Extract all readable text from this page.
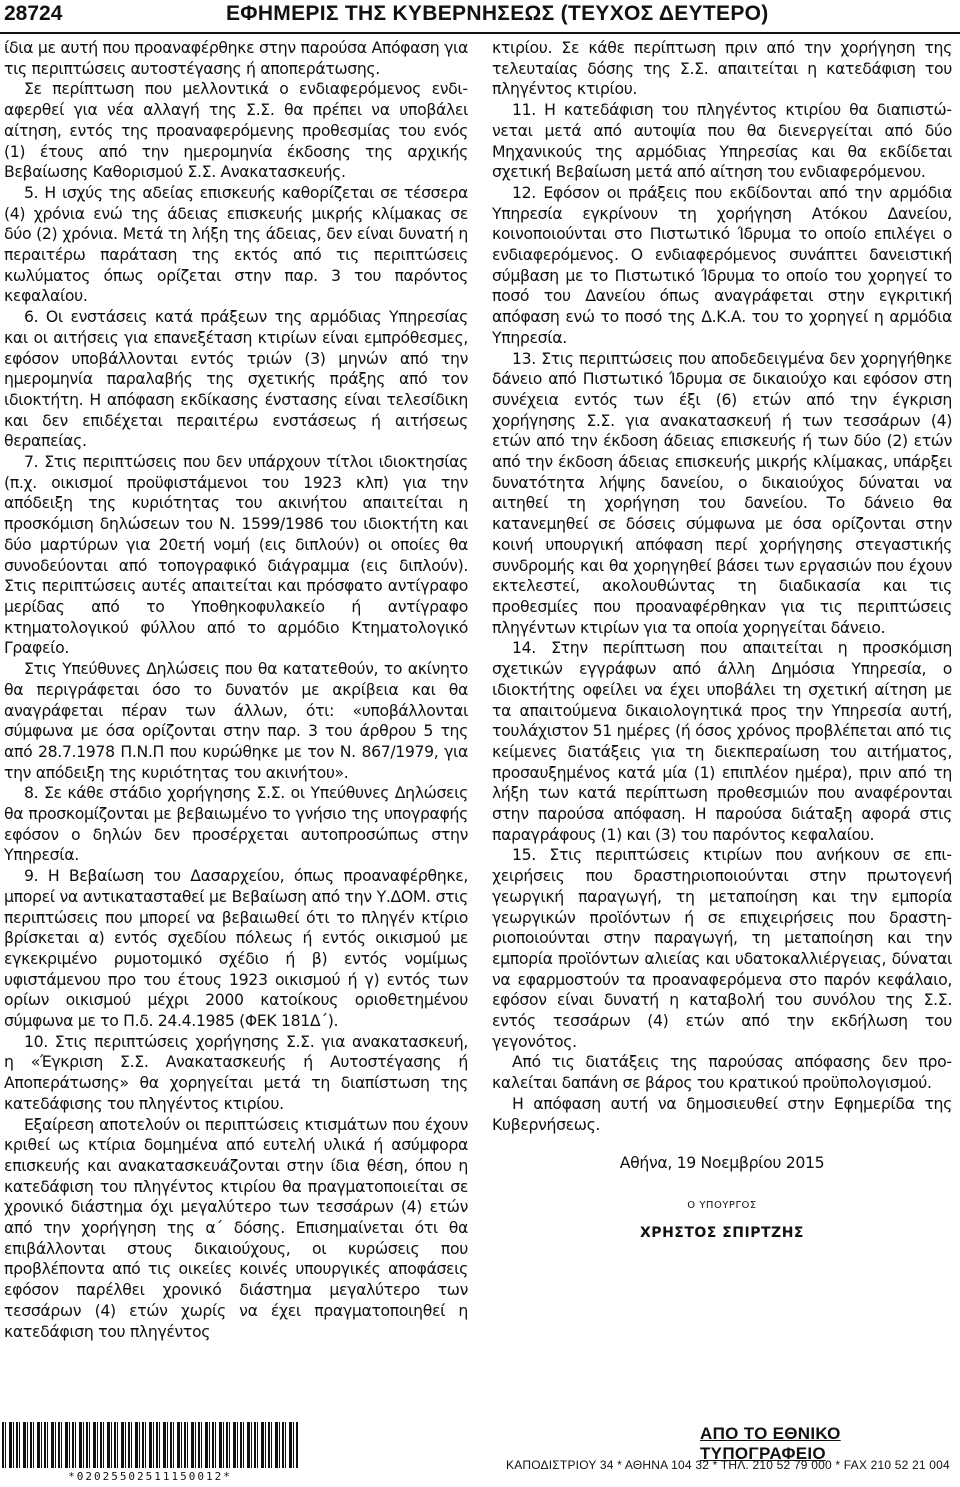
28724	ΕΦΗΜΕΡΙΣ ΤΗΣ ΚΥΒΕΡΝΗΣΕΩΣ (ΤΕΥΧΟΣ ΔΕΥΤΕΡΟ)

ίδια με αυτή που προαναφέρθηκε στην παρούσα Απόφαση για τις περιπτώσεις αυτοστέγασης ή αποπεράτωσης.

Σε περίπτωση που μελλοντικά ο ενδιαφερόμενος ενδιαφερθεί για νέα αλλαγή της Σ.Σ. θα πρέπει να υποβάλει αίτηση, εντός της προαναφερόμενης προθεσμίας του ενός (1) έτους από την ημερομηνία έκδοσης της αρχικής Βεβαίωσης Καθορισμού Σ.Σ. Ανακατασκευής.

5. Η ισχύς της αδείας επισκευής καθορίζεται σε τέσσερα (4) χρόνια ενώ της άδειας επισκευής μικρής κλίμακας σε δύο (2) χρόνια. Μετά τη λήξη της άδειας, δεν είναι δυνατή η περαιτέρω παράταση της εκτός από τις περιπτώσεις κωλύματος όπως ορίζεται στην παρ. 3 του παρόντος κεφαλαίου.

6. Οι ενστάσεις κατά πράξεων της αρμόδιας Υπηρεσίας και οι αιτήσεις για επανεξέταση κτιρίων είναι εμπρόθεσμες, εφόσον υποβάλλονται εντός τριών (3) μηνών από την ημερομηνία παραλαβής της σχετικής πράξης από τον ιδιοκτήτη. Η απόφαση εκδίκασης ένστασης είναι τελεσίδικη και δεν επιδέχεται περαιτέρω ενστάσεως ή αιτήσεως θεραπείας.

7. Στις περιπτώσεις που δεν υπάρχουν τίτλοι ιδιοκτησίας (π.χ. οικισμοί προϋφιστάμενοι του 1923 κλπ) για την απόδειξη της κυριότητας του ακινήτου απαιτείται η προσκόμιση δηλώσεων του Ν. 1599/1986 του ιδιοκτήτη και δύο μαρτύρων για 20ετή νομή (εις διπλούν) οι οποίες θα συνοδεύονται από τοπογραφικό διάγραμμα (εις διπλούν). Στις περιπτώσεις αυτές απαιτείται και πρόσφατο αντίγραφο μερίδας από το Υποθηκοφυλακείο ή αντίγραφο κτηματολογικού φύλλου από το αρμόδιο Κτηματολογικό Γραφείο.

Στις Υπεύθυνες Δηλώσεις που θα κατατεθούν, το ακίνητο θα περιγράφεται όσο το δυνατόν με ακρίβεια και θα αναγράφεται πέραν των άλλων, ότι: «υποβάλλονται σύμφωνα με όσα ορίζονται στην παρ. 3 του άρθρου 5 της από 28.7.1978 Π.Ν.Π που κυρώθηκε με τον Ν. 867/1979, για την απόδειξη της κυριότητας του ακινήτου».

8. Σε κάθε στάδιο χορήγησης Σ.Σ. οι Υπεύθυνες Δηλώσεις θα προσκομίζονται με βεβαιωμένο το γνήσιο της υπογραφής εφόσον ο δηλών δεν προσέρχεται αυτοπροσώπως στην Υπηρεσία.

9. Η Βεβαίωση του Δασαρχείου, όπως προαναφέρθηκε, μπορεί να αντικατασταθεί με Βεβαίωση από την Υ.ΔΟΜ. στις περιπτώσεις που μπορεί να βεβαιωθεί ότι το πληγέν κτίριο βρίσκεται α) εντός σχεδίου πόλεως ή εντός οικισμού με εγκεκριμένο ρυμοτομικό σχέδιο ή β) εντός νομίμως υφιστάμενου προ του έτους 1923 οικισμού ή γ) εντός των ορίων οικισμού μέχρι 2000 κατοίκους οριοθετημένου σύμφωνα με το Π.δ. 24.4.1985 (ΦΕΚ 181Δ΄).

10. Στις περιπτώσεις χορήγησης Σ.Σ. για ανακατασκευή, η «Έγκριση Σ.Σ. Ανακατασκευής ή Αυτοστέγασης ή Αποπεράτωσης» θα χορηγείται μετά τη διαπίστωση της κατεδάφισης του πληγέντος κτιρίου.

Εξαίρεση αποτελούν οι περιπτώσεις κτισμάτων που έχουν κριθεί ως κτίρια δομημένα από ευτελή υλικά ή ασύμφορα επισκευής και ανακατασκευάζονται στην ίδια θέση, όπου η κατεδάφιση του πληγέντος κτιρίου θα πραγματοποιείται σε χρονικό διάστημα όχι μεγαλύτερο των τεσσάρων (4) ετών από την χορήγηση της α΄ δόσης. Επισημαίνεται ότι θα επιβάλλονται στους δικαιούχους, οι κυρώσεις που προβλέποντα από τις οικείες κοινές υπουργικές αποφάσεις εφόσον παρέλθει χρονικό διάστημα μεγαλύτερο των τεσσάρων (4) ετών χωρίς να έχει πραγματοποιηθεί η κατεδάφιση του πληγέντος

κτιρίου. Σε κάθε περίπτωση πριν από την χορήγηση της τελευταίας δόσης της Σ.Σ. απαιτείται η κατεδάφιση του πληγέντος κτιρίου.

11. Η κατεδάφιση του πληγέντος κτιρίου θα διαπιστώνεται μετά από αυτοψία που θα διενεργείται από δύο Μηχανικούς της αρμόδιας Υπηρεσίας και θα εκδίδεται σχετική Βεβαίωση μετά από αίτηση του ενδιαφερόμενου.

12. Εφόσον οι πράξεις που εκδίδονται από την αρμόδια Υπηρεσία εγκρίνουν τη χορήγηση Ατόκου Δανείου, κοινοποιούνται στο Πιστωτικό Ίδρυμα το οποίο επιλέγει ο ενδιαφερόμενος. Ο ενδιαφερόμενος συνάπτει δανειστική σύμβαση με το Πιστωτικό Ίδρυμα το οποίο του χορηγεί το ποσό του Δανείου όπως αναγράφεται στην εγκριτική απόφαση ενώ το ποσό της Δ.Κ.Α. του το χορηγεί η αρμόδια Υπηρεσία.

13. Στις περιπτώσεις που αποδεδειγμένα δεν χορηγήθηκε δάνειο από Πιστωτικό Ίδρυμα σε δικαιούχο και εφόσον στη συνέχεια εντός των έξι (6) ετών από την έγκριση χορήγησης Σ.Σ. για ανακατασκευή ή των τεσσάρων (4) ετών από την έκδοση άδειας επισκευής ή των δύο (2) ετών από την έκδοση άδειας επισκευής μικρής κλίμακας, υπάρξει δυνατότητα λήψης δανείου, ο δικαιούχος δύναται να αιτηθεί τη χορήγηση του δανείου. Το δάνειο θα κατανεμηθεί σε δόσεις σύμφωνα με όσα ορίζονται στην κοινή υπουργική απόφαση περί χορήγησης στεγαστικής συνδρομής και θα χορηγηθεί βάσει των εργασιών που έχουν εκτελεστεί, ακολουθώντας τη διαδικασία και τις προθεσμίες που προαναφέρθηκαν για τις περιπτώσεις πληγέντων κτιρίων για τα οποία χορηγείται δάνειο.

14. Στην περίπτωση που απαιτείται η προσκόμιση σχετικών εγγράφων από άλλη Δημόσια Υπηρεσία, ο ιδιοκτήτης οφείλει να έχει υποβάλει τη σχετική αίτηση με τα απαιτούμενα δικαιολογητικά προς την Υπηρεσία αυτή, τουλάχιστον 51 ημέρες (ή όσος χρόνος προβλέπεται από τις κείμενες διατάξεις για τη διεκπεραίωση του αιτήματος, προσαυξημένος κατά μία (1) επιπλέον ημέρα), πριν από τη λήξη των κατά περίπτωση προθεσμιών που αναφέρονται στην παρούσα απόφαση. Η παρούσα διάταξη αφορά στις παραγράφους (1) και (3) του παρόντος κεφαλαίου.

15. Στις περιπτώσεις κτιρίων που ανήκουν σε επιχειρήσεις που δραστηριοποιούνται στην πρωτογενή γεωργική παραγωγή, τη μεταποίηση και την εμπορία γεωργικών προϊόντων ή σε επιχειρήσεις που δραστηριοποιούνται στην παραγωγή, τη μεταποίηση και την εμπορία προϊόντων αλιείας και υδατοκαλλιέργειας, δύναται να εφαρμοστούν τα προαναφερόμενα στο παρόν κεφάλαιο, εφόσον είναι δυνατή η καταβολή του συνόλου της Σ.Σ. εντός τεσσάρων (4) ετών από την εκδήλωση του γεγονότος.

Από τις διατάξεις της παρούσας απόφασης δεν προκαλείται δαπάνη σε βάρος του κρατικού προϋπολογισμού.

Η απόφαση αυτή να δημοσιευθεί στην Εφημερίδα της Κυβερνήσεως.

Αθήνα, 19 Νοεμβρίου 2015

Ο ΥΠΟΥΡΓΟΣ

ΧΡΗΣΤΟΣ ΣΠΙΡΤΖΗΣ

*02025502511150012*
ΑΠΟ ΤΟ ΕΘΝΙΚΟ ΤΥΠΟΓΡΑΦΕΙΟ
ΚΑΠΟΔΙΣΤΡΙΟΥ 34 * ΑΘΗΝΑ 104 32 * ΤΗΛ. 210 52 79 000 * FAX 210 52 21 004
